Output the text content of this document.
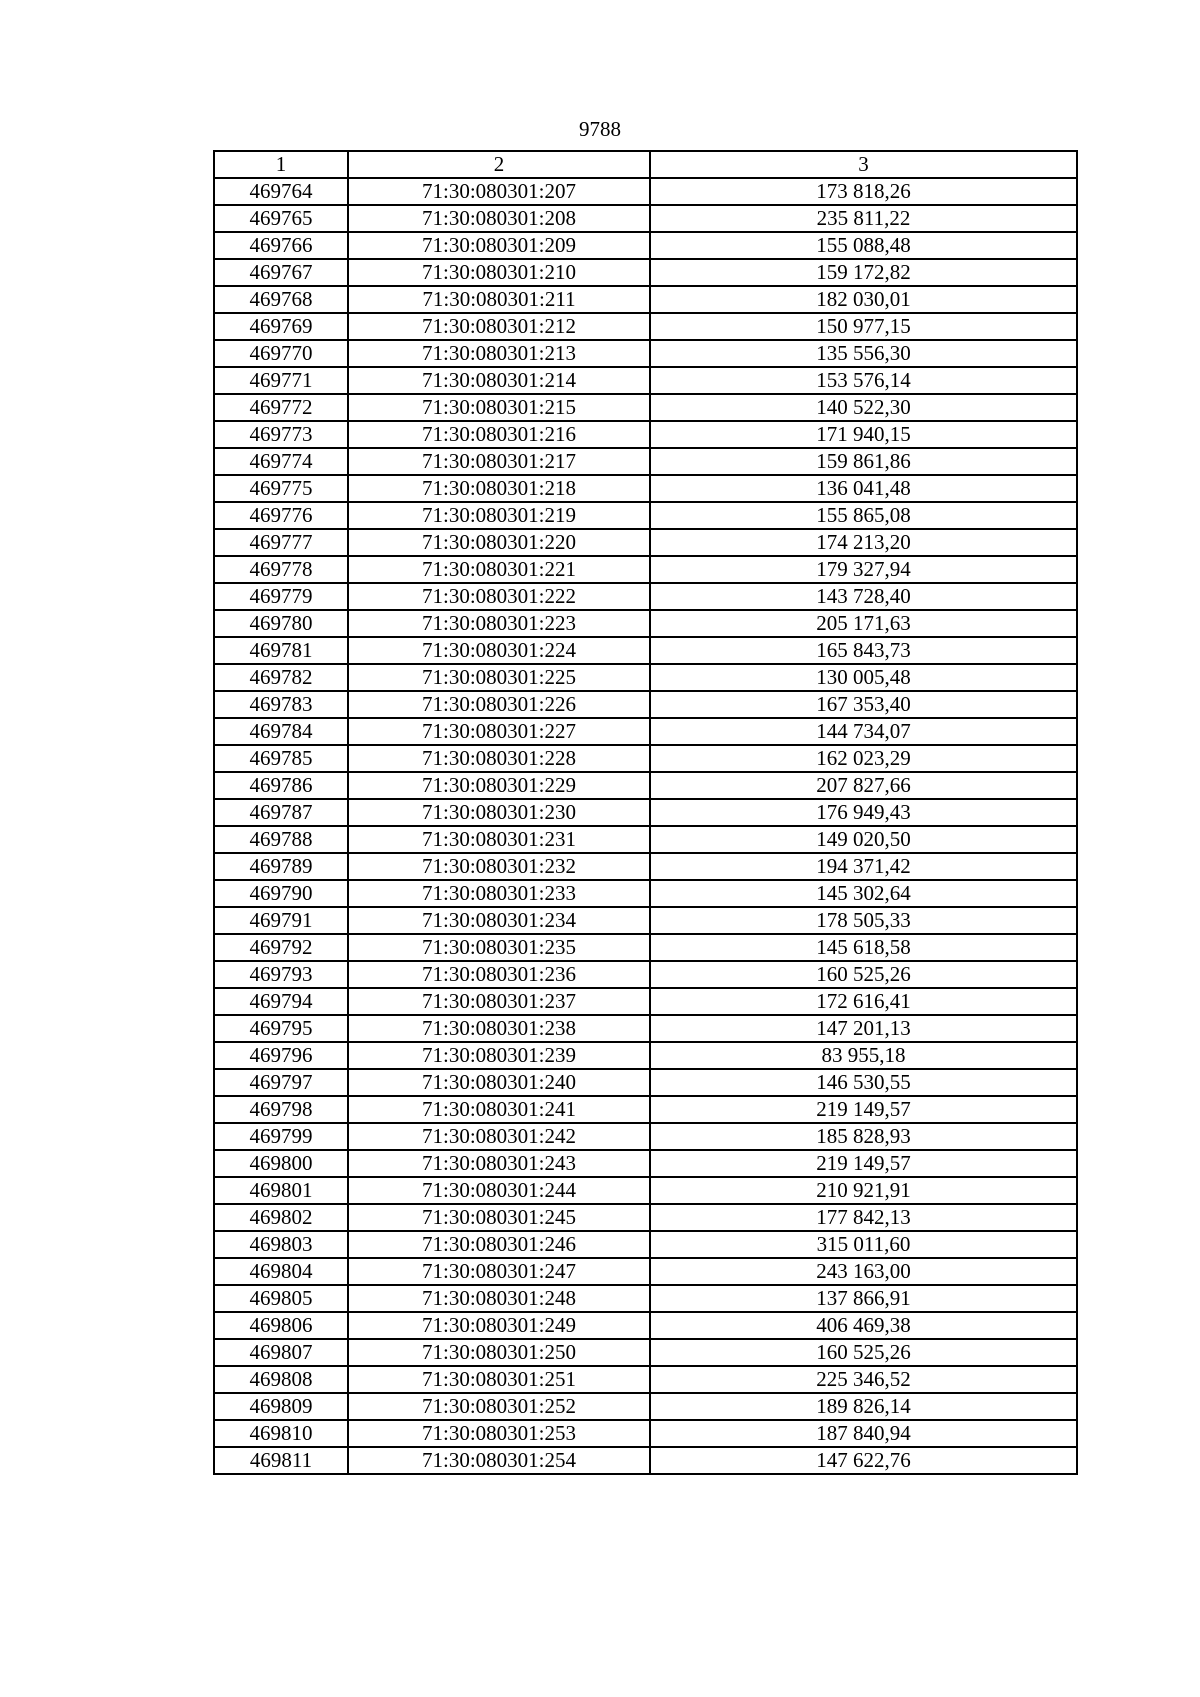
9788
1	2	3
469764	71:30:080301:207	173 818,26
469765	71:30:080301:208	235 811,22
469766	71:30:080301:209	155 088,48
469767	71:30:080301:210	159 172,82
469768	71:30:080301:211	182 030,01
469769	71:30:080301:212	150 977,15
469770	71:30:080301:213	135 556,30
469771	71:30:080301:214	153 576,14
469772	71:30:080301:215	140 522,30
469773	71:30:080301:216	171 940,15
469774	71:30:080301:217	159 861,86
469775	71:30:080301:218	136 041,48
469776	71:30:080301:219	155 865,08
469777	71:30:080301:220	174 213,20
469778	71:30:080301:221	179 327,94
469779	71:30:080301:222	143 728,40
469780	71:30:080301:223	205 171,63
469781	71:30:080301:224	165 843,73
469782	71:30:080301:225	130 005,48
469783	71:30:080301:226	167 353,40
469784	71:30:080301:227	144 734,07
469785	71:30:080301:228	162 023,29
469786	71:30:080301:229	207 827,66
469787	71:30:080301:230	176 949,43
469788	71:30:080301:231	149 020,50
469789	71:30:080301:232	194 371,42
469790	71:30:080301:233	145 302,64
469791	71:30:080301:234	178 505,33
469792	71:30:080301:235	145 618,58
469793	71:30:080301:236	160 525,26
469794	71:30:080301:237	172 616,41
469795	71:30:080301:238	147 201,13
469796	71:30:080301:239	83 955,18
469797	71:30:080301:240	146 530,55
469798	71:30:080301:241	219 149,57
469799	71:30:080301:242	185 828,93
469800	71:30:080301:243	219 149,57
469801	71:30:080301:244	210 921,91
469802	71:30:080301:245	177 842,13
469803	71:30:080301:246	315 011,60
469804	71:30:080301:247	243 163,00
469805	71:30:080301:248	137 866,91
469806	71:30:080301:249	406 469,38
469807	71:30:080301:250	160 525,26
469808	71:30:080301:251	225 346,52
469809	71:30:080301:252	189 826,14
469810	71:30:080301:253	187 840,94
469811	71:30:080301:254	147 622,76
